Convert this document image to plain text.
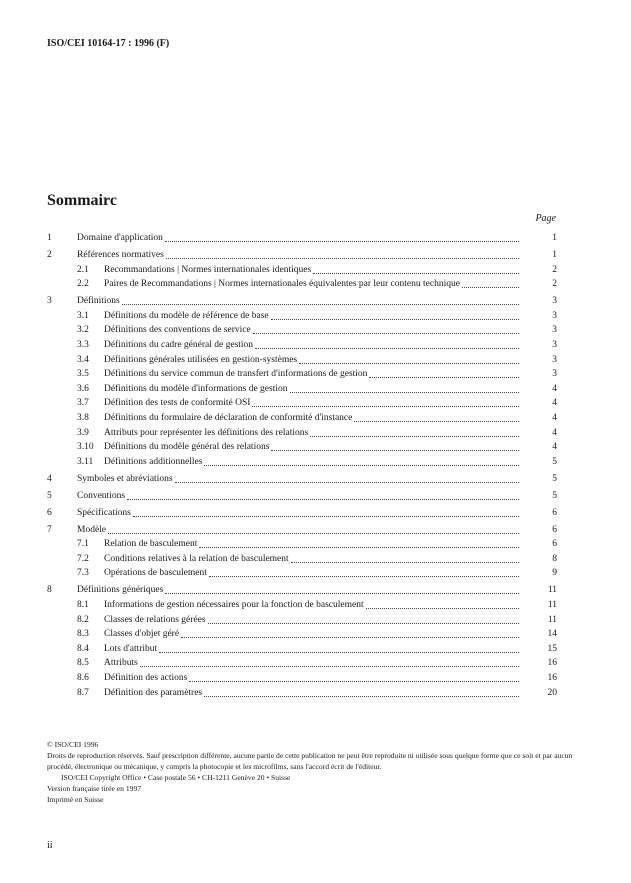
ISO/CEI 10164-17 : 1996 (F)
Sommairc
Page
1	Domaine d'application	1
2	Références normatives	1
2.1 Recommandations | Normes internationales identiques	2
2.2 Paires de Recommandations | Normes internationales équivalentes par leur contenu technique	2
3	Définitions	3
3.1 Définitions du modèle de référence de base	3
3.2 Définitions des conventions de service	3
3.3 Définitions du cadre général de gestion	3
3.4 Définitions générales utilisées en gestion-systèmes	3
3.5 Définitions du service commun de transfert d'informations de gestion	3
3.6 Définitions du modèle d'informations de gestion	4
3.7 Définition des tests de conformité OSI	4
3.8 Définitions du formulaire de déclaration de conformité d'instance	4
3.9 Attributs pour représenter les définitions des relations	4
3.10 Définitions du modèle général des relations	4
3.11 Définitions additionnelles	5
4	Symboles et abréviations	5
5	Conventions	5
6	Spécifications	6
7	Modèle	6
7.1 Relation de basculement	6
7.2 Conditions relatives à la relation de basculement	8
7.3 Opérations de basculement	9
8	Définitions génériques	11
8.1 Informations de gestion nécessaires pour la fonction de basculement	11
8.2 Classes de relations gérées	11
8.3 Classes d'objet géré	14
8.4 Lots d'attribut	15
8.5 Attributs	16
8.6 Définition des actions	16
8.7 Définition des paramètres	20

© ISO/CEI 1996

Droits de reproduction réservés. Sauf prescription différente, aucune partie de cette publication ne peut être reproduite ni utilisée sous quelque forme que ce soit et par aucun procédé, électronique ou mécanique, y compris la photocopie et les microfilms, sans l'accord écrit de l'éditeur.

ISO/CEI Copyright Office • Case postale 56 • CH-1211 Genève 20 • Suisse

Version française tirée en 1997

Imprimé en Suisse

ii
